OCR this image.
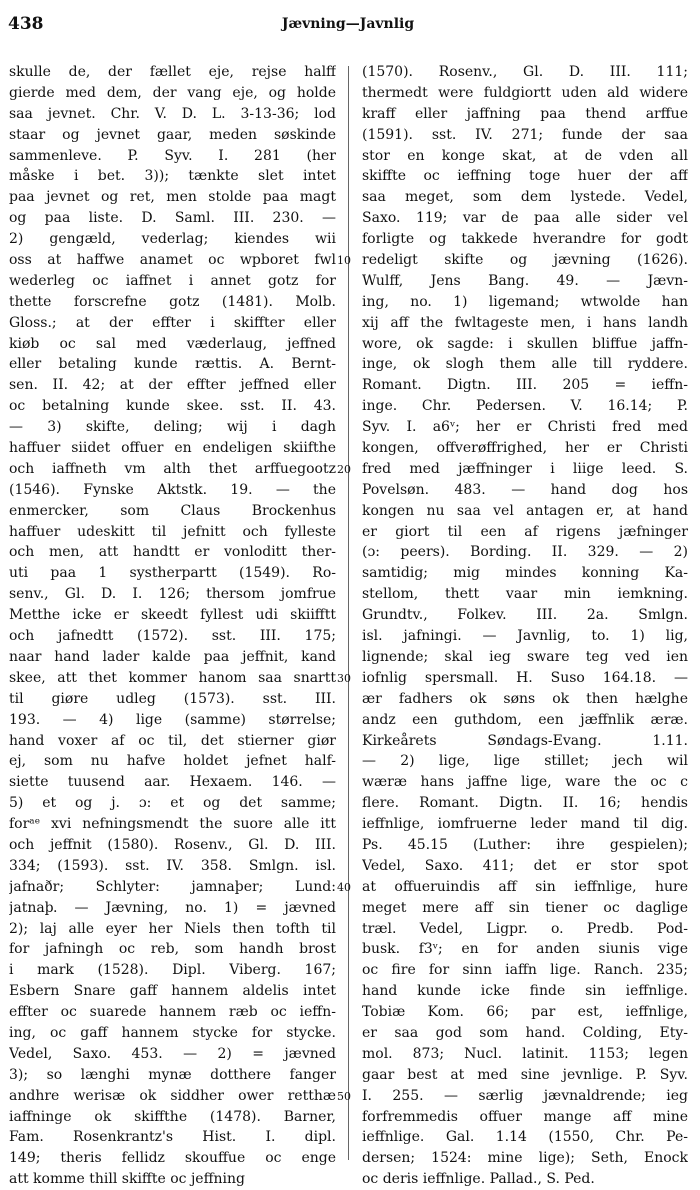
438	Jævning—Javnlig
skulle de, der fællet eje, rejse halff
gierde med dem, der vang eje, og holde
saa jevnet. Chr. V. D. L. 3-13-36; lod
staar og jevnet gaar, meden søskinde
sammenleve. P. Syv. I. 281 (her
måske i bet. 3)); tænkte slet intet
paa jevnet og ret, men stolde paa magt
og paa liste. D. Saml. III. 230. —
2) gengæld, vederlag; kiendes wii
oss at haffwe anamet oc wpboret fwl
wederleg oc iaffnet i annet gotz for
thette forscrefne gotz (1481). Molb.
Gloss.; at der effter i skiffter eller
kiøb oc sal med væderlaug, jeffned
eller betaling kunde rættis. A. Bernt-
sen. II. 42; at der effter jeffned eller
oc betalning kunde skee. sst. II. 43.
— 3) skifte, deling; wij i dagh
haffuer siidet offuer en endeligen skiifthe
och iaffneth vm alth thet arffuegootz
(1546). Fynske Aktstk. 19. — the
enmercker, som Claus Brockenhus
haffuer udeskitt til jefnitt och fylleste
och men, att handtt er vonloditt ther-
uti paa 1 systherpartt (1549). Ro-
senv., Gl. D. I. 126; thersom jomfrue
Metthe icke er skeedt fyllest udi skiifftt
och jafnedtt (1572). sst. III. 175;
naar hand lader kalde paa jeffnit, kand
skee, att thet kommer hanom saa snartt
til giøre udleg (1573). sst. III.
193. — 4) lige (samme) størrelse;
hand voxer af oc til, det stierner giør
ej, som nu hafve holdet jefnet half-
siette tuusend aar. Hexaem. 146. —
5) et og j. ɔ: et og det samme;
forᵃᵉ xvi nefningsmendt the suore alle itt
och jeffnit (1580). Rosenv., Gl. D. III.
334; (1593). sst. IV. 358. Smlgn. isl.
jafnaðr; Schlyter: jamnaþer; Lund:
jatnaþ. — Jævning, no. 1) = jævned
2); laj alle eyer her Niels then tofth til
for jafningh oc reb, som handh brost
i mark (1528). Dipl. Viberg. 167;
Esbern Snare gaff hannem aldelis intet
effter oc suarede hannem ræb oc ieffn-
ing, oc gaff hannem stycke for stycke.
Vedel, Saxo. 453. — 2) = jævned
3); so længhi mynæ dotthere fanger
andhre werisæ ok siddher ower retthæ
iaffninge ok skiffthe (1478). Barner,
Fam. Rosenkrantz's Hist. I. dipl.
149; theris fellidz skouffue oc enge
att komme thill skiffte oc jeffning
(1570). Rosenv., Gl. D. III. 111;
thermedt were fuldgiortt uden ald widere
kraff eller jaffning paa thend arffue
(1591). sst. IV. 271; funde der saa
stor en konge skat, at de vden all
skiffte oc ieffning toge huer der aff
saa meget, som dem lystede. Vedel,
Saxo. 119; var de paa alle sider vel
forligte og takkede hverandre for godt
redeligt skifte og jævning (1626).
Wulff, Jens Bang. 49. — Jævn-
ing, no. 1) ligemand; wtwolde han
xij aff the fwltageste men, i hans landh
wore, ok sagde: i skullen bliffue jaffn-
inge, ok slogh them alle till ryddere.
Romant. Digtn. III. 205 = ieffn-
inge. Chr. Pedersen. V. 16.14; P.
Syv. I. a6ᵛ; her er Christi fred med
kongen, offverøffrighed, her er Christi
fred med jæffninger i liige leed. S.
Povelsøn. 483. — hand dog hos
kongen nu saa vel antagen er, at hand
er giort til een af rigens jæfninger
(ɔ: peers). Bording. II. 329. — 2)
samtidig; mig mindes konning Ka-
stellom, thett vaar min iemkning.
Grundtv., Folkev. III. 2a. Smlgn.
isl. jafningi. — Javnlig, to. 1) lig,
lignende; skal ieg sware teg ved ien
iofnlig spersmall. H. Suso 164.18. —
ær fadhers ok søns ok then hælghe
andz een guthdom, een jæffnlik æræ.
Kirkeårets Søndags-Evang. 1.11.
— 2) lige, lige stillet; jech wil
wæræ hans jaffne lige, ware the oc c
flere. Romant. Digtn. II. 16; hendis
ieffnlige, iomfruerne leder mand til dig.
Ps. 45.15 (Luther: ihre gespielen);
Vedel, Saxo. 411; det er stor spot
at offueruindis aff sin ieffnlige, hure
meget mere aff sin tiener oc daglige
træl. Vedel, Ligpr. o. Predb. Pod-
busk. f3ᵛ; en for anden siunis vige
oc fire for sinn iaffn lige. Ranch. 235;
hand kunde icke finde sin ieffnlige.
Tobiæ Kom. 66; par est, ieffnlige,
er saa god som hand. Colding, Ety-
mol. 873; Nucl. latinit. 1153; legen
gaar best at med sine jevnlige. P. Syv.
I. 255. — særlig jævnaldrende; ieg
forfremmedis offuer mange aff mine
ieffnlige. Gal. 1.14 (1550, Chr. Pe-
dersen; 1524: mine lige); Seth, Enock
oc deris ieffnlige. Pallad., S. Ped.
10
20
30
40
50
